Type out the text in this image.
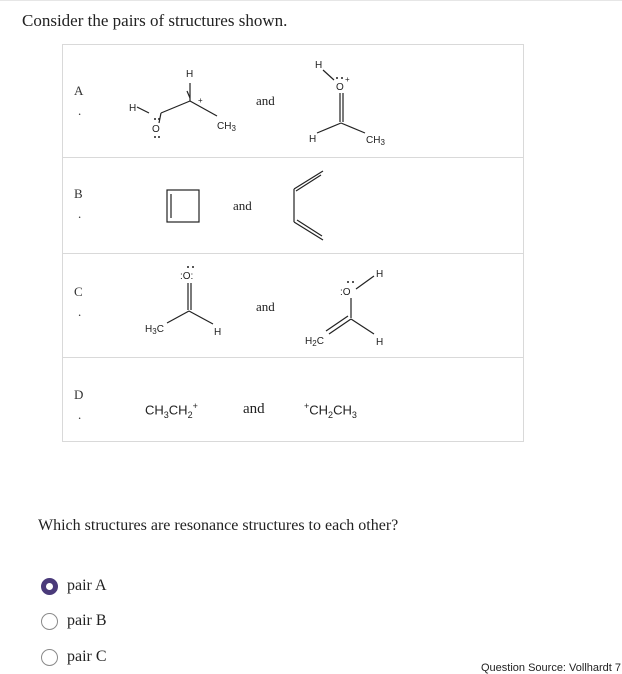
Consider the pairs of structures shown.
A
.
H
+
H
O	$CH_3$
and
H
O
+
H	$CH_3$
B
.
and
C
.
:O:
$H_3C$	H
and
:O
H
$H_2C$	H
D
.	$CH_3CH_2^+$	and	$^+CH_2CH_3$
Which structures are resonance structures to each other?
pair A
pair B
pair C
Question Source: Vollhardt 7
